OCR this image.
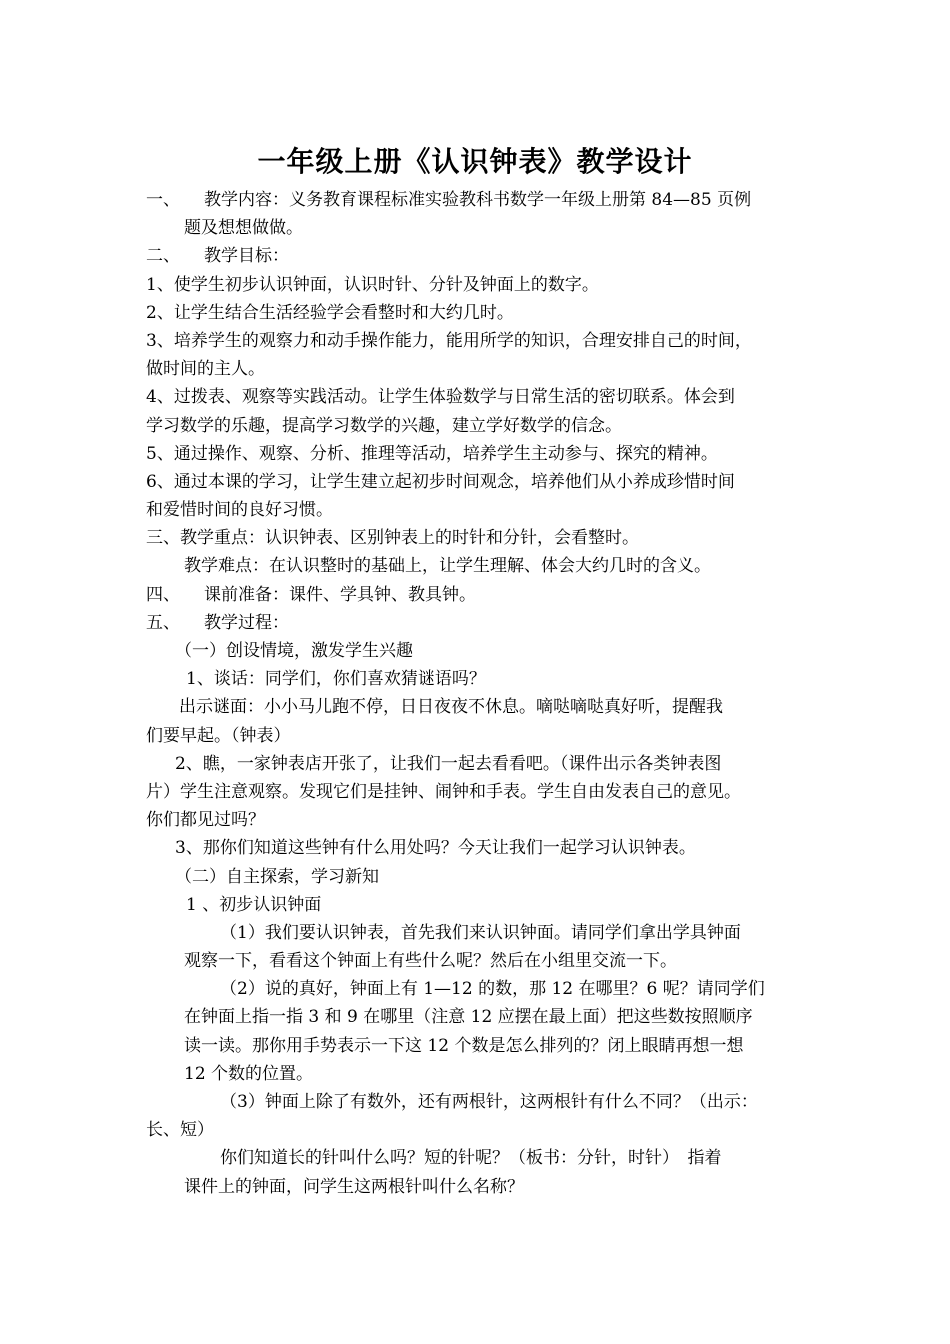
一年级上册《认识钟表》教学设计
一、 教学内容：义务教育课程标准实验教科书数学一年级上册第 84—85 页例
题及想想做做。
二、 教学目标：
1、使学生初步认识钟面，认识时针、分针及钟面上的数字。
2、让学生结合生活经验学会看整时和大约几时。
3、培养学生的观察力和动手操作能力，能用所学的知识，合理安排自己的时间，
做时间的主人。
4、过拨表、观察等实践活动。让学生体验数学与日常生活的密切联系。体会到
学习数学的乐趣，提高学习数学的兴趣，建立学好数学的信念。
5、通过操作、观察、分析、推理等活动，培养学生主动参与、探究的精神。
6、通过本课的学习，让学生建立起初步时间观念，培养他们从小养成珍惜时间
和爱惜时间的良好习惯。
三、教学重点：认识钟表、区别钟表上的时针和分针，会看整时。
教学难点：在认识整时的基础上，让学生理解、体会大约几时的含义。
四、 课前准备：课件、学具钟、教具钟。
五、 教学过程：
（一）创设情境，激发学生兴趣
1、谈话：同学们，你们喜欢猜谜语吗？
出示谜面：小小马儿跑不停，日日夜夜不休息。嘀哒嘀哒真好听，提醒我
们要早起。（钟表）
2、瞧，一家钟表店开张了，让我们一起去看看吧。（课件出示各类钟表图
片）学生注意观察。发现它们是挂钟、闹钟和手表。学生自由发表自己的意见。
你们都见过吗？
3、那你们知道这些钟有什么用处吗？今天让我们一起学习认识钟表。
（二）自主探索，学习新知
1 、初步认识钟面
（1）我们要认识钟表，首先我们来认识钟面。请同学们拿出学具钟面
观察一下，看看这个钟面上有些什么呢？然后在小组里交流一下。
（2）说的真好，钟面上有 1—12 的数，那 12 在哪里？6 呢？请同学们
在钟面上指一指 3 和 9 在哪里（注意 12 应摆在最上面）把这些数按照顺序
读一读。那你用手势表示一下这 12 个数是怎么排列的？闭上眼睛再想一想
12 个数的位置。
（3）钟面上除了有数外，还有两根针，这两根针有什么不同？（出示：
长、短）
你们知道长的针叫什么吗？短的针呢？（板书：分针，时针）　指着
课件上的钟面，问学生这两根针叫什么名称？
